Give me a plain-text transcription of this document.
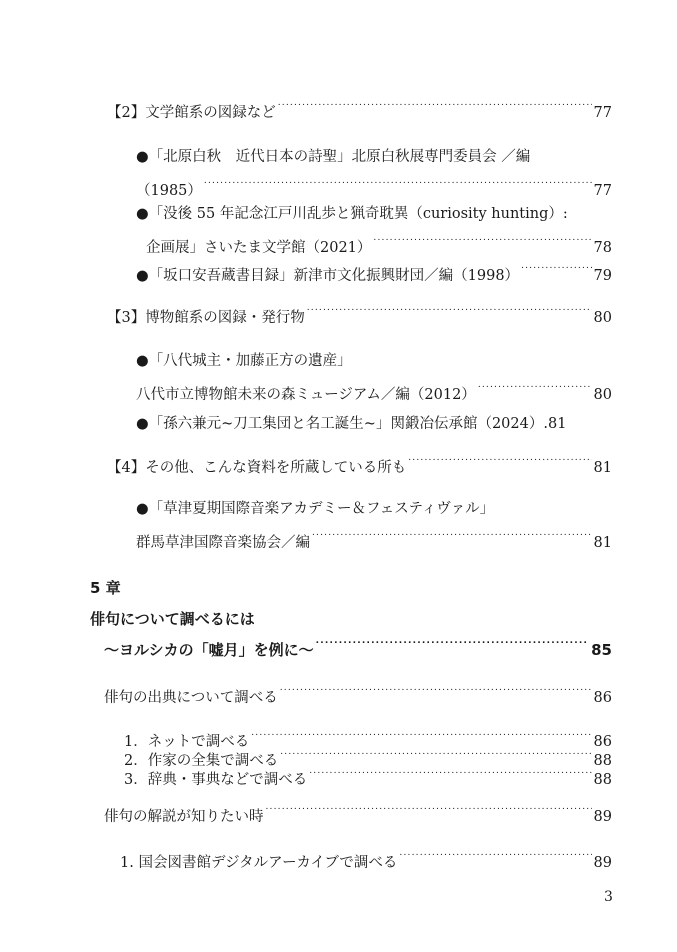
【2】文学館系の図録など .....	77
●「北原白秋　近代日本の詩聖」北原白秋展専門委員会 ／編
（1985） .....	77
●「没後 55 年記念江戸川乱歩と猟奇耽異（curiosity hunting）:
企画展」さいたま文学館（2021） .....	78
●「坂口安吾蔵書目録」新津市文化振興財団／編（1998） .....	79
【3】博物館系の図録・発行物 .....	80
●「八代城主・加藤正方の遺産」
八代市立博物館未来の森ミュージアム／編（2012） .....	80
●「孫六兼元~刀工集団と名工誕生~」関鍛冶伝承館（2024） .81
【4】その他、こんな資料を所蔵している所も .....	81
●「草津夏期国際音楽アカデミー＆フェスティヴァル」
群馬草津国際音楽協会／編 .....	81
5 章
俳句について調べるには
〜ヨルシカの「嘘月」を例に〜 .....	85
俳句の出典について調べる .....	86
1．ネットで調べる .....	86
2．作家の全集で調べる .....	88
3．辞典・事典などで調べる .....	88
俳句の解説が知りたい時 .....	89
1. 国会図書館デジタルアーカイブで調べる .....	89
3
